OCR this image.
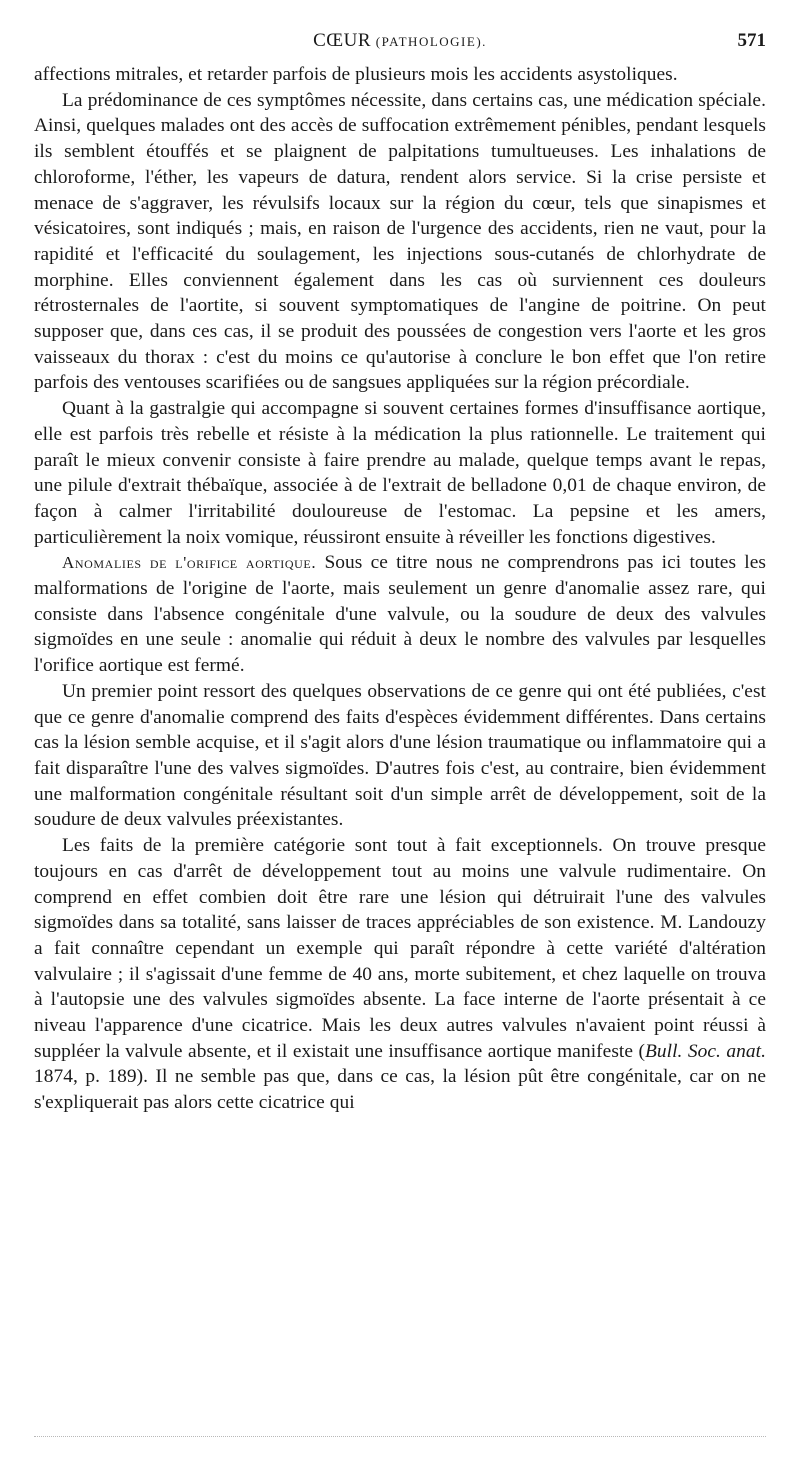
CŒUR (PATHOLOGIE).	571

affections mitrales, et retarder parfois de plusieurs mois les accidents asystoliques.

La prédominance de ces symptômes nécessite, dans certains cas, une médication spéciale. Ainsi, quelques malades ont des accès de suffocation extrêmement pénibles, pendant lesquels ils semblent étouffés et se plaignent de palpitations tumultueuses. Les inhalations de chloroforme, l'éther, les vapeurs de datura, rendent alors service. Si la crise persiste et menace de s'aggraver, les révulsifs locaux sur la région du cœur, tels que sinapismes et vésicatoires, sont indiqués ; mais, en raison de l'urgence des accidents, rien ne vaut, pour la rapidité et l'efficacité du soulagement, les injections sous-cutanés de chlorhydrate de morphine. Elles conviennent également dans les cas où surviennent ces douleurs rétrosternales de l'aortite, si souvent symptomatiques de l'angine de poitrine. On peut supposer que, dans ces cas, il se produit des poussées de congestion vers l'aorte et les gros vaisseaux du thorax : c'est du moins ce qu'autorise à conclure le bon effet que l'on retire parfois des ventouses scarifiées ou de sangsues appliquées sur la région précordiale.

Quant à la gastralgie qui accompagne si souvent certaines formes d'insuffisance aortique, elle est parfois très rebelle et résiste à la médication la plus rationnelle. Le traitement qui paraît le mieux convenir consiste à faire prendre au malade, quelque temps avant le repas, une pilule d'extrait thébaïque, associée à de l'extrait de belladone 0,01 de chaque environ, de façon à calmer l'irritabilité douloureuse de l'estomac. La pepsine et les amers, particulièrement la noix vomique, réussiront ensuite à réveiller les fonctions digestives.

Anomalies de l'orifice aortique. Sous ce titre nous ne comprendrons pas ici toutes les malformations de l'origine de l'aorte, mais seulement un genre d'anomalie assez rare, qui consiste dans l'absence congénitale d'une valvule, ou la soudure de deux des valvules sigmoïdes en une seule : anomalie qui réduit à deux le nombre des valvules par lesquelles l'orifice aortique est fermé.

Un premier point ressort des quelques observations de ce genre qui ont été publiées, c'est que ce genre d'anomalie comprend des faits d'espèces évidemment différentes. Dans certains cas la lésion semble acquise, et il s'agit alors d'une lésion traumatique ou inflammatoire qui a fait disparaître l'une des valves sigmoïdes. D'autres fois c'est, au contraire, bien évidemment une malformation congénitale résultant soit d'un simple arrêt de développement, soit de la soudure de deux valvules préexistantes.

Les faits de la première catégorie sont tout à fait exceptionnels. On trouve presque toujours en cas d'arrêt de développement tout au moins une valvule rudimentaire. On comprend en effet combien doit être rare une lésion qui détruirait l'une des valvules sigmoïdes dans sa totalité, sans laisser de traces appréciables de son existence. M. Landouzy a fait connaître cependant un exemple qui paraît répondre à cette variété d'altération valvulaire ; il s'agissait d'une femme de 40 ans, morte subitement, et chez laquelle on trouva à l'autopsie une des valvules sigmoïdes absente. La face interne de l'aorte présentait à ce niveau l'apparence d'une cicatrice. Mais les deux autres valvules n'avaient point réussi à suppléer la valvule absente, et il existait une insuffisance aortique manifeste (Bull. Soc. anat. 1874, p. 189). Il ne semble pas que, dans ce cas, la lésion pût être congénitale, car on ne s'expliquerait pas alors cette cicatrice qui
